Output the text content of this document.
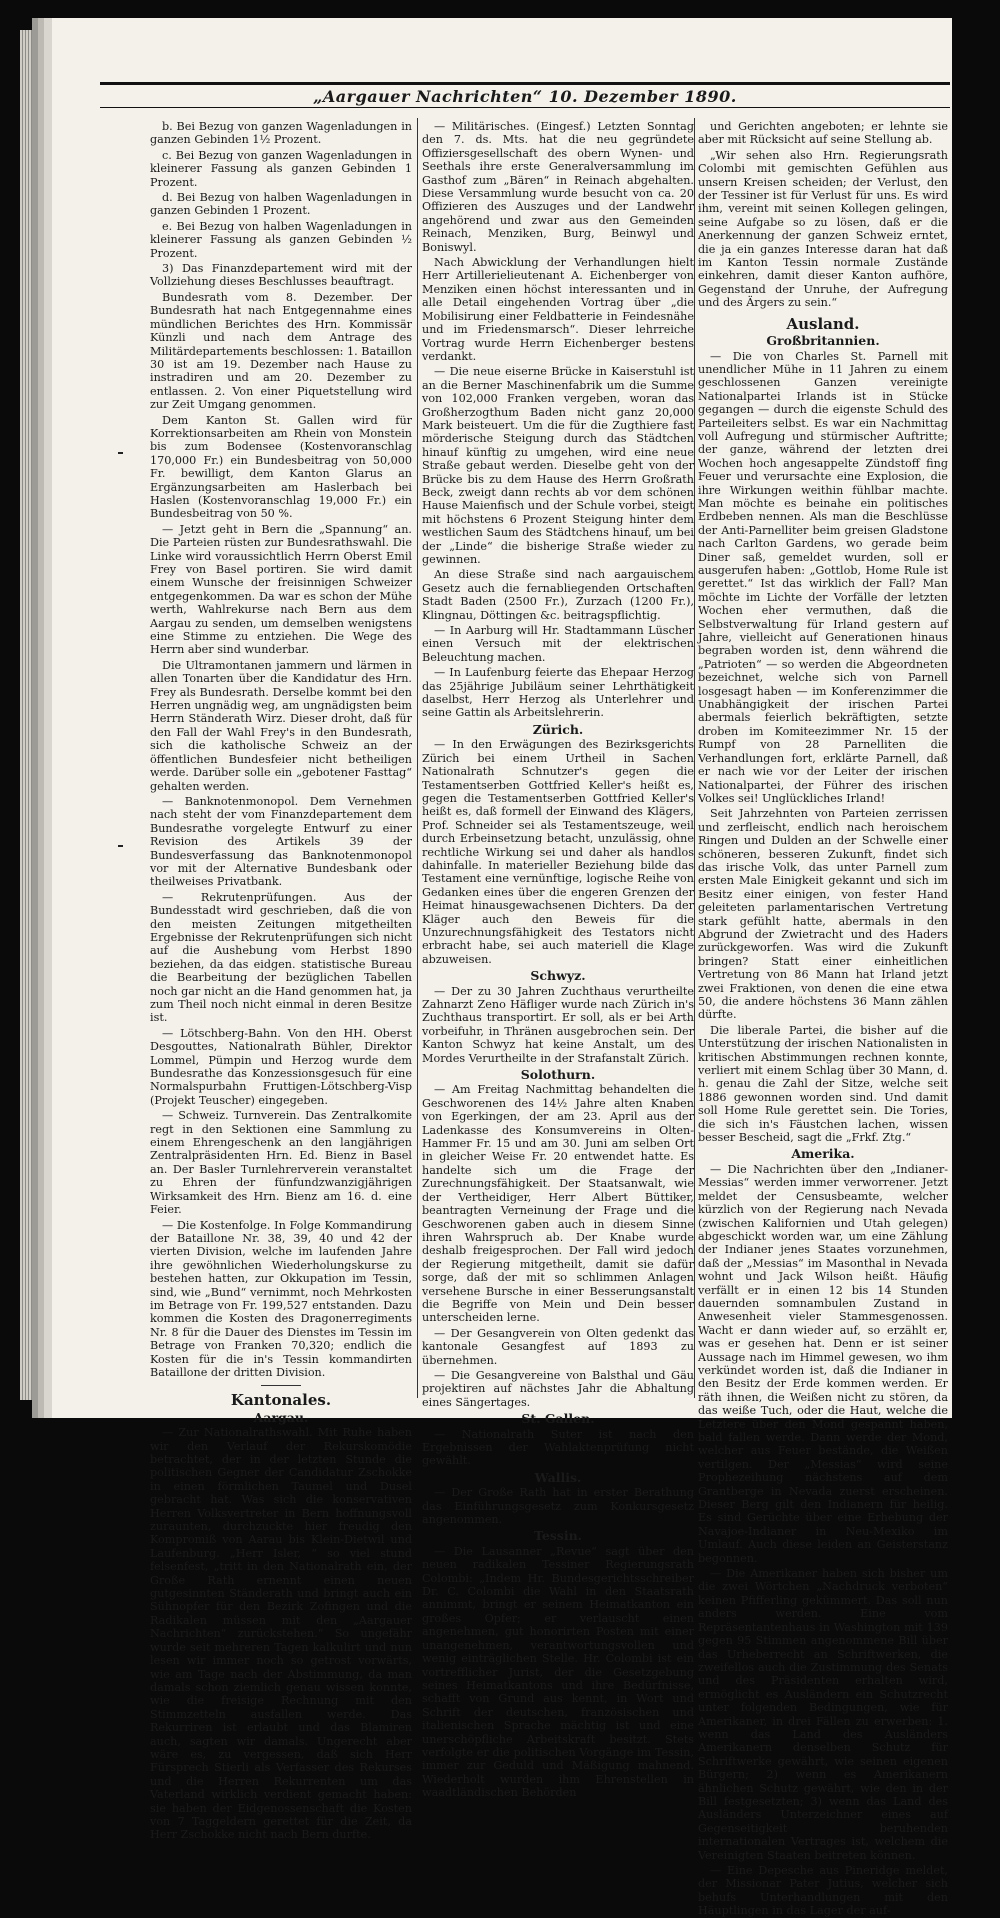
„Aargauer Nachrichten“ 10. Dezember 1890.

b. Bei Bezug von ganzen Wagenladungen in ganzen Gebinden 1½ Prozent.

c. Bei Bezug von ganzen Wagenladungen in kleinerer Fassung als ganzen Gebinden 1 Prozent.

d. Bei Bezug von halben Wagenladungen in ganzen Gebinden 1 Prozent.

e. Bei Bezug von halben Wagenladungen in kleinerer Fassung als ganzen Gebinden ½ Prozent.

3) Das Finanzdepartement wird mit der Vollziehung dieses Beschlusses beauftragt.

Bundesrath vom 8. Dezember. Der Bundesrath hat nach Entgegennahme eines mündlichen Berichtes des Hrn. Kommissär Künzli und nach dem Antrage des Militärdepartements beschlossen: 1. Bataillon 30 ist am 19. Dezember nach Hause zu instradiren und am 20. Dezember zu entlassen. 2. Von einer Piquetstellung wird zur Zeit Umgang genommen.

Dem Kanton St. Gallen wird für Korrektionsarbeiten am Rhein von Monstein bis zum Bodensee (Kostenvoranschlag 170,000 Fr.) ein Bundesbeitrag von 50,000 Fr. bewilligt, dem Kanton Glarus an Ergänzungsarbeiten am Haslerbach bei Haslen (Kostenvoranschlag 19,000 Fr.) ein Bundesbeitrag von 50 %.

— Jetzt geht in Bern die „Spannung“ an. Die Parteien rüsten zur Bundesrathswahl. Die Linke wird voraussichtlich Herrn Oberst Emil Frey von Basel portiren. Sie wird damit einem Wunsche der freisinnigen Schweizer entgegenkommen. Da war es schon der Mühe werth, Wahlrekurse nach Bern aus dem Aargau zu senden, um demselben wenigstens eine Stimme zu entziehen. Die Wege des Herrn aber sind wunderbar.

Die Ultramontanen jammern und lärmen in allen Tonarten über die Kandidatur des Hrn. Frey als Bundesrath. Derselbe kommt bei den Herren ungnädig weg, am ungnädigsten beim Herrn Ständerath Wirz. Dieser droht, daß für den Fall der Wahl Frey's in den Bundesrath, sich die katholische Schweiz an der öffentlichen Bundesfeier nicht betheiligen werde. Darüber solle ein „gebotener Fasttag“ gehalten werden.

— Banknotenmonopol. Dem Vernehmen nach steht der vom Finanzdepartement dem Bundesrathe vorgelegte Entwurf zu einer Revision des Artikels 39 der Bundesverfassung das Banknotenmonopol vor mit der Alternative Bundesbank oder theilweises Privatbank.

— Rekrutenprüfungen. Aus der Bundesstadt wird geschrieben, daß die von den meisten Zeitungen mitgetheilten Ergebnisse der Rekrutenprüfungen sich nicht auf die Aushebung vom Herbst 1890 beziehen, da das eidgen. statistische Bureau die Bearbeitung der bezüglichen Tabellen noch gar nicht an die Hand genommen hat, ja zum Theil noch nicht einmal in deren Besitze ist.

— Lötschberg-Bahn. Von den HH. Oberst Desgouttes, Nationalrath Bühler, Direktor Lommel, Pümpin und Herzog wurde dem Bundesrathe das Konzessionsgesuch für eine Normalspurbahn Fruttigen-Lötschberg-Visp (Projekt Teuscher) eingegeben.

— Schweiz. Turnverein. Das Zentralkomite regt in den Sektionen eine Sammlung zu einem Ehrengeschenk an den langjährigen Zentralpräsidenten Hrn. Ed. Bienz in Basel an. Der Basler Turnlehrerverein veranstaltet zu Ehren der fünfundzwanzigjährigen Wirksamkeit des Hrn. Bienz am 16. d. eine Feier.

— Die Kostenfolge. In Folge Kommandirung der Bataillone Nr. 38, 39, 40 und 42 der vierten Division, welche im laufenden Jahre ihre gewöhnlichen Wiederholungskurse zu bestehen hatten, zur Okkupation im Tessin, sind, wie „Bund“ vernimmt, noch Mehrkosten im Betrage von Fr. 199,527 entstanden. Dazu kommen die Kosten des Dragonerregiments Nr. 8 für die Dauer des Dienstes im Tessin im Betrage von Franken 70,320; endlich die Kosten für die in's Tessin kommandirten Bataillone der dritten Division.

Kantonales.
Aargau.

— Zur Nationalrathswahl. Mit Ruhe haben wir den Verlauf der Rekurskomödie betrachtet, der in der letzten Stunde die politischen Gegner der Candidatur Zschokke in einen förmlichen Taumel und Dusel gebracht hat. Was sich die konservativen Herren Volksvertreter in Bern hoffnungsvoll zuraunten, durchzuckte hier freudig den Kompromiß von Aarau bis Klein-Dietwil und Laufenburg. „Herr Isler, “ so viel stund felsenfest, „tritt in den Nationalrath ein, der Große Rath ernennt einen neuen gutgesinnten Ständerath und bringt auch ein Sühnopfer für den Bezirk Zofingen und die Radikalen müssen mit den „Aargauer Nachrichten“ zurückstehen.“ So ungefähr wurde seit mehreren Tagen kalkulirt und nun lesen wir immer noch so getrost vorwärts, wie am Tage nach der Abstimmung, da man damals schon ziemlich genau wissen konnte, wie die freisige Rechnung mit den Stimmzetteln ausfallen werde. Das Rekurriren ist erlaubt und das Blamiren auch, sagten wir damals. Ungerecht aber wäre es, zu vergessen, daß sich Herr Fürsprech Stierli als Verfasser des Rekurses und die Herren Rekurrenten um das Vaterland wirklich verdient gemacht haben: sie haben der Eidgenossenschaft die Kosten von 7 Taggeldern gerettet für die Zeit, da Herr Zschokke nicht nach Bern durfte.

— Militärisches. (Eingesf.) Letzten Sonntag den 7. ds. Mts. hat die neu gegründete Offiziersgesellschaft des obern Wynen- und Seethals ihre erste Generalversammlung im Gasthof zum „Bären“ in Reinach abgehalten. Diese Versammlung wurde besucht von ca. 20 Offizieren des Auszuges und der Landwehr angehörend und zwar aus den Gemeinden Reinach, Menziken, Burg, Beinwyl und Boniswyl.

Nach Abwicklung der Verhandlungen hielt Herr Artillerielieutenant A. Eichenberger von Menziken einen höchst interessanten und in alle Detail eingehenden Vortrag über „die Mobilisirung einer Feldbatterie in Feindesnähe und im Friedensmarsch“. Dieser lehrreiche Vortrag wurde Herrn Eichenberger bestens verdankt.

— Die neue eiserne Brücke in Kaiserstuhl ist an die Berner Maschinenfabrik um die Summe von 102,000 Franken vergeben, woran das Großherzogthum Baden nicht ganz 20,000 Mark beisteuert. Um die für die Zugthiere fast mörderische Steigung durch das Städtchen hinauf künftig zu umgehen, wird eine neue Straße gebaut werden. Dieselbe geht von der Brücke bis zu dem Hause des Herrn Großrath Beck, zweigt dann rechts ab vor dem schönen Hause Maienfisch und der Schule vorbei, steigt mit höchstens 6 Prozent Steigung hinter dem westlichen Saum des Städtchens hinauf, um bei der „Linde“ die bisherige Straße wieder zu gewinnen.

An diese Straße sind nach aargauischem Gesetz auch die fernabliegenden Ortschaften Stadt Baden (2500 Fr.), Zurzach (1200 Fr.), Klingnau, Döttingen &c. beitragspflichtig.

— In Aarburg will Hr. Stadtammann Lüscher einen Versuch mit der elektrischen Beleuchtung machen.

— In Laufenburg feierte das Ehepaar Herzog das 25jährige Jubiläum seiner Lehrthätigkeit daselbst, Herr Herzog als Unterlehrer und seine Gattin als Arbeitslehrerin.

Zürich.

— In den Erwägungen des Bezirksgerichts Zürich bei einem Urtheil in Sachen Nationalrath Schnutzer's gegen die Testamentserben Gottfried Keller's heißt es, gegen die Testamentserben Gottfried Keller's heißt es, daß formell der Einwand des Klägers, Prof. Schneider sei als Testamentszeuge, weil durch Erbeinsetzung betacht, unzulässig, ohne rechtliche Wirkung sei und daher als handlos dahinfalle. In materieller Beziehung bilde das Testament eine vernünftige, logische Reihe von Gedanken eines über die engeren Grenzen der Heimat hinausgewachsenen Dichters. Da der Kläger auch den Beweis für die Unzurechnungsfähigkeit des Testators nicht erbracht habe, sei auch materiell die Klage abzuweisen.

Schwyz.

— Der zu 30 Jahren Zuchthaus verurtheilte Zahnarzt Zeno Häfliger wurde nach Zürich in's Zuchthaus transportirt. Er soll, als er bei Arth vorbeifuhr, in Thränen ausgebrochen sein. Der Kanton Schwyz hat keine Anstalt, um des Mordes Verurtheilte in der Strafanstalt Zürich.

Solothurn.

— Am Freitag Nachmittag behandelten die Geschworenen des 14½ Jahre alten Knaben von Egerkingen, der am 23. April aus der Ladenkasse des Konsumvereins in Olten-Hammer Fr. 15 und am 30. Juni am selben Ort in gleicher Weise Fr. 20 entwendet hatte. Es handelte sich um die Frage der Zurechnungsfähigkeit. Der Staatsanwalt, wie der Vertheidiger, Herr Albert Büttiker, beantragten Verneinung der Frage und die Geschworenen gaben auch in diesem Sinne ihren Wahrspruch ab. Der Knabe wurde deshalb freigesprochen. Der Fall wird jedoch der Regierung mitgetheilt, damit sie dafür sorge, daß der mit so schlimmen Anlagen versehene Bursche in einer Besserungsanstalt die Begriffe von Mein und Dein besser unterscheiden lerne.

— Der Gesangverein von Olten gedenkt das kantonale Gesangfest auf 1893 zu übernehmen.

— Die Gesangvereine von Balsthal und Gäu projektiren auf nächstes Jahr die Abhaltung eines Sängertages.

St. Gallen.

— Nationalrath Suter ist nach den Ergebnissen der Wahlaktenprüfung nicht gewählt.

Wallis.

— Der Große Rath hat in erster Berathung das Einführungsgesetz zum Konkursgesetz angenommen.

Tessin.

— Die Lausanner „Revue“ sagt über den neuen radikalen Tessiner Regierungsrath Colombi: „Indem Hr. Bundesgerichtsschreiber Dr. C. Colombi die Wahl in den Staatsrath annimmt, bringt er seinem Heimatkanton ein großes Opfer; er verlauscht einen angenehmen, gut honorirten Posten mit einer unangenehmen, verantwortungsvollen und wenig einträglichen Stelle. Hr. Colombi ist ein vortrefflicher Jurist, der die Gesetzgebung seines Heimatkantons und ihre Bedürfnisse, schafft von Grund aus kennt, in Wort und Schrift der deutschen, französischen und italienischen Sprache mächtig ist und eine unerschöpfliche Arbeitskraft besitzt. Stets verfolgte er die politischen Vorgänge im Tessin, immer zur Geduld und Mäßigung mahnend. Wiederholt wurden ihm Ehrenstellen in waadtländischen Behörden

und Gerichten angeboten; er lehnte sie aber mit Rücksicht auf seine Stellung ab.

„Wir sehen also Hrn. Regierungsrath Colombi mit gemischten Gefühlen aus unsern Kreisen scheiden; der Verlust, den der Tessiner ist für Verlust für uns. Es wird ihm, vereint mit seinen Kollegen gelingen, seine Aufgabe so zu lösen, daß er die Anerkennung der ganzen Schweiz erntet, die ja ein ganzes Interesse daran hat daß im Kanton Tessin normale Zustände einkehren, damit dieser Kanton aufhöre, Gegenstand der Unruhe, der Aufregung und des Ärgers zu sein.“

Ausland.
Großbritannien.

— Die von Charles St. Parnell mit unendlicher Mühe in 11 Jahren zu einem geschlossenen Ganzen vereinigte Nationalpartei Irlands ist in Stücke gegangen — durch die eigenste Schuld des Parteileiters selbst. Es war ein Nachmittag voll Aufregung und stürmischer Auftritte; der ganze, während der letzten drei Wochen hoch angesappelte Zündstoff fing Feuer und verursachte eine Explosion, die ihre Wirkungen weithin fühlbar machte. Man möchte es beinahe ein politisches Erdbeben nennen. Als man die Beschlüsse der Anti-Parnelliter beim greisen Gladstone nach Carlton Gardens, wo gerade beim Diner saß, gemeldet wurden, soll er ausgerufen haben: „Gottlob, Home Rule ist gerettet.“ Ist das wirklich der Fall? Man möchte im Lichte der Vorfälle der letzten Wochen eher vermuthen, daß die Selbstverwaltung für Irland gestern auf Jahre, vielleicht auf Generationen hinaus begraben worden ist, denn während die „Patrioten“ — so werden die Abgeordneten bezeichnet, welche sich von Parnell losgesagt haben — im Konferenzimmer die Unabhängigkeit der irischen Partei abermals feierlich bekräftigten, setzte droben im Komiteezimmer Nr. 15 der Rumpf von 28 Parnelliten die Verhandlungen fort, erklärte Parnell, daß er nach wie vor der Leiter der irischen Nationalpartei, der Führer des irischen Volkes sei! Unglückliches Irland!

Seit Jahrzehnten von Parteien zerrissen und zerfleischt, endlich nach heroischem Ringen und Dulden an der Schwelle einer schöneren, besseren Zukunft, findet sich das irische Volk, das unter Parnell zum ersten Male Einigkeit gekannt und sich im Besitz einer einigen, von fester Hand geleiteten parlamentarischen Vertretung stark gefühlt hatte, abermals in den Abgrund der Zwietracht und des Haders zurückgeworfen. Was wird die Zukunft bringen? Statt einer einheitlichen Vertretung von 86 Mann hat Irland jetzt zwei Fraktionen, von denen die eine etwa 50, die andere höchstens 36 Mann zählen dürfte.

Die liberale Partei, die bisher auf die Unterstützung der irischen Nationalisten in kritischen Abstimmungen rechnen konnte, verliert mit einem Schlag über 30 Mann, d. h. genau die Zahl der Sitze, welche seit 1886 gewonnen worden sind. Und damit soll Home Rule gerettet sein. Die Tories, die sich in's Fäustchen lachen, wissen besser Bescheid, sagt die „Frkf. Ztg.“

Amerika.

— Die Nachrichten über den „Indianer-Messias“ werden immer verworrener. Jetzt meldet der Censusbeamte, welcher kürzlich von der Regierung nach Nevada (zwischen Kalifornien und Utah gelegen) abgeschickt worden war, um eine Zählung der Indianer jenes Staates vorzunehmen, daß der „Messias“ im Masonthal in Nevada wohnt und Jack Wilson heißt. Häufig verfällt er in einen 12 bis 14 Stunden dauernden somnambulen Zustand in Anwesenheit vieler Stammesgenossen. Wacht er dann wieder auf, so erzählt er, was er gesehen hat. Denn er ist seiner Aussage nach im Himmel gewesen, wo ihm verkündet worden ist, daß die Indianer in den Besitz der Erde kommen werden. Er räth ihnen, die Weißen nicht zu stören, da das weiße Tuch, oder die Haut, welche die Letztere über den Mond gespannt haben, bald fallen werde. Dann werde der Mond, welcher aus Feuer bestände, die Weißen vertilgen. Der „Messias“ wird seine Prophezeihung nächstens auf dem Grantberge in Nevada zuerst erscheinen. Dieser Berg gilt den Indianern für heilig. Es sind Gerüchte über eine Erhebung der Navajoe-Indianer in Neu-Mexiko im Umlauf. Auch diese leiden an Geisterstanz begonnen.

— Die Amerikaner haben sich bisher um die zwei Wörtchen „Nachdruck verboten“ keinen Pfifferling gekümmert. Das soll nun anders werden. Eine vom Repräsentantenhaus in Washington mit 139 gegen 95 Stimmen angenommene Bill über das Urheberrecht an Schriftwerken, die zweifellos auch die Zustimmung des Senats und des Präsidenten erhalten wird, ermöglicht es Ausländern ein Schutzrecht unter folgenden Bedingungen, wie für Amerikaner, in drei Fällen zu erwerben: 1. wenn das Land des Ausländers Amerikanern denselben Schutz für Schriftwerke gewährt, wie seinen eigenen Bürgern; 2) wenn es Amerikanern ähnlichen Schutz gewährt, wie den in der Bill festgesetzten; 3) wenn das Land des Ausländers Unterzeichner eines auf Gegenseitigkeit beruhenden internationalen Vertrages ist, welchem die Vereinigten Staaten beitreten können.

— Eine Depesche aus Pineridge meldet, der Missionar Pater Jutius, welcher sich behufs Unterhandlungen mit den Häuptlingen in das Lager der auf-
